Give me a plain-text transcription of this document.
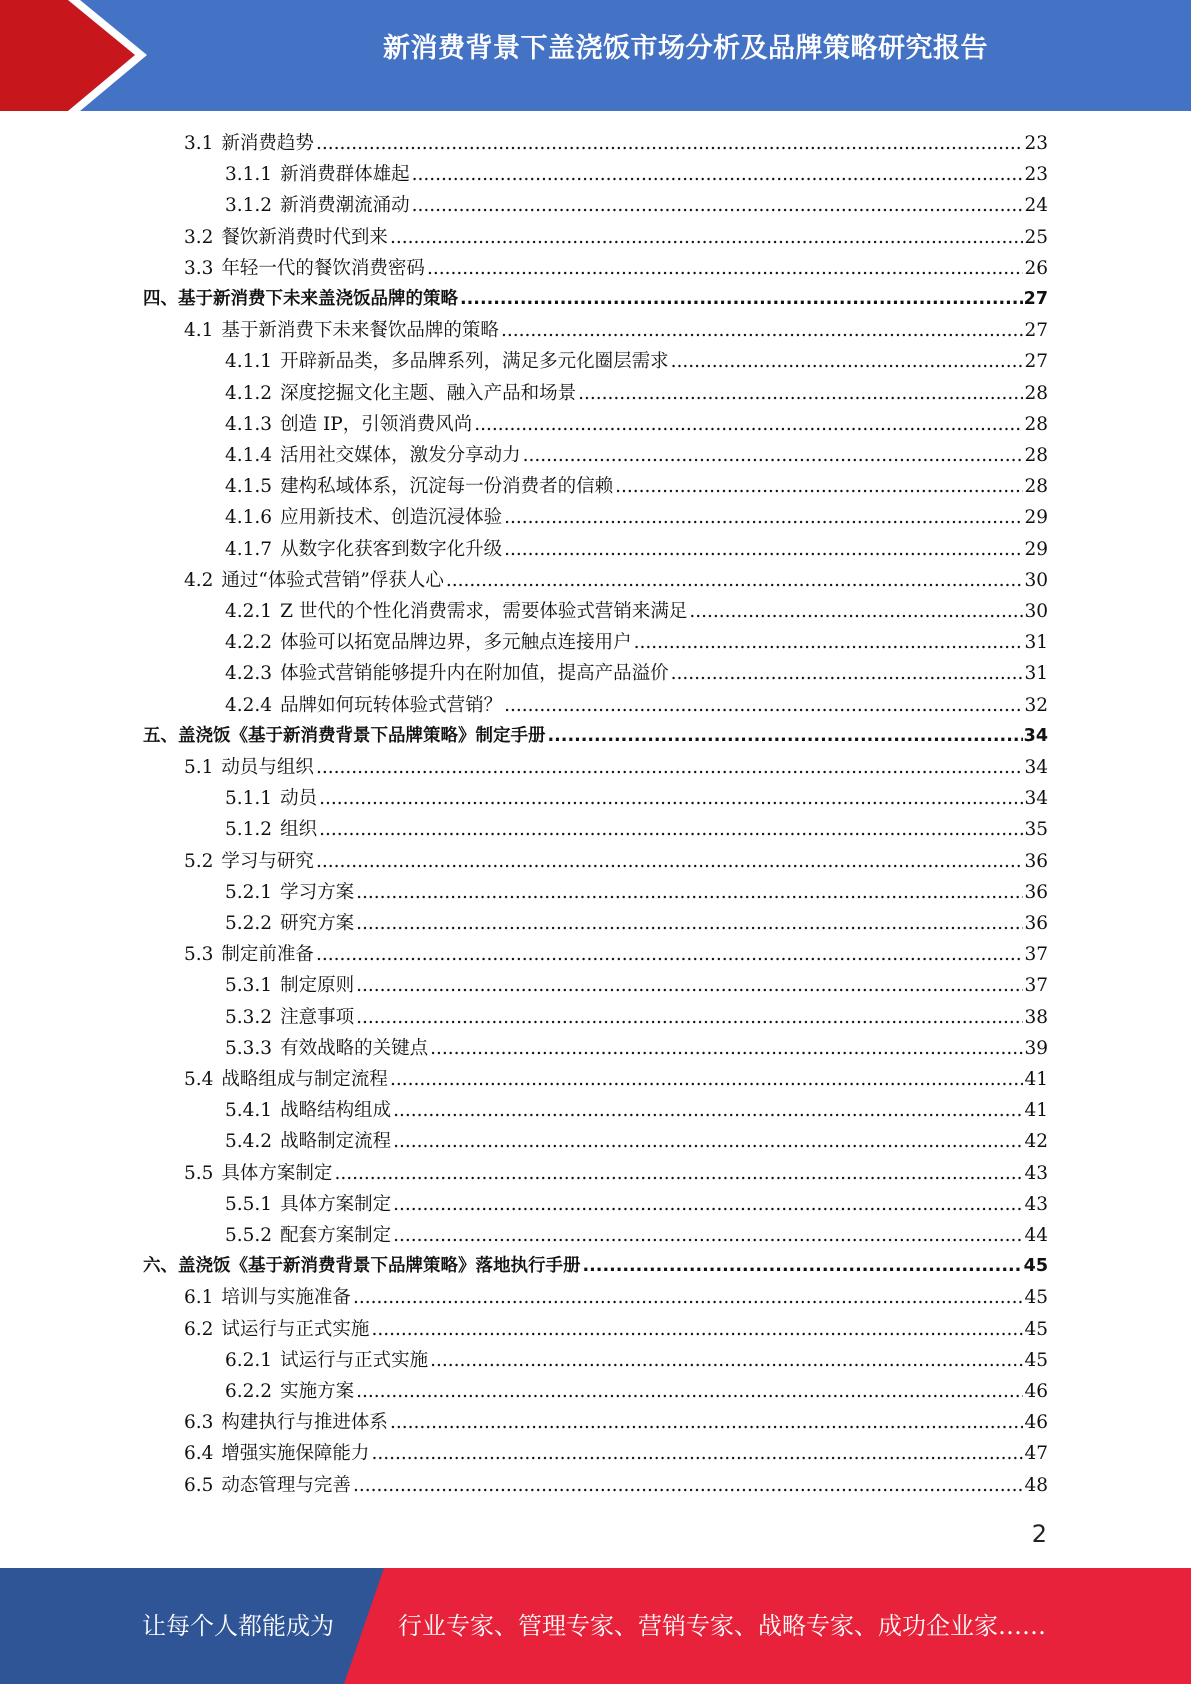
新消费背景下盖浇饭市场分析及品牌策略研究报告
3.1 新消费趋势 .....	23
3.1.1 新消费群体雄起 .....	23
3.1.2 新消费潮流涌动 .....	24
3.2 餐饮新消费时代到来 .....	25
3.3 年轻一代的餐饮消费密码 .....	26
四、基于新消费下未来盖浇饭品牌的策略 .....	27
4.1 基于新消费下未来餐饮品牌的策略 .....	27
4.1.1 开辟新品类，多品牌系列，满足多元化圈层需求 .....	27
4.1.2 深度挖掘文化主题、融入产品和场景 .....	28
4.1.3 创造 IP，引领消费风尚 .....	28
4.1.4 活用社交媒体，激发分享动力 .....	28
4.1.5 建构私域体系，沉淀每一份消费者的信赖 .....	28
4.1.6 应用新技术、创造沉浸体验 .....	29
4.1.7 从数字化获客到数字化升级 .....	29
4.2 通过“体验式营销”俘获人心 .....	30
4.2.1 Z 世代的个性化消费需求，需要体验式营销来满足 .....	30
4.2.2 体验可以拓宽品牌边界，多元触点连接用户 .....	31
4.2.3 体验式营销能够提升内在附加值，提高产品溢价 .....	31
4.2.4 品牌如何玩转体验式营销？ .....	32
五、盖浇饭《基于新消费背景下品牌策略》制定手册 .....	34
5.1 动员与组织 .....	34
5.1.1 动员 .....	34
5.1.2 组织 .....	35
5.2 学习与研究 .....	36
5.2.1 学习方案 .....	36
5.2.2 研究方案 .....	36
5.3 制定前准备 .....	37
5.3.1 制定原则 .....	37
5.3.2 注意事项 .....	38
5.3.3 有效战略的关键点 .....	39
5.4 战略组成与制定流程 .....	41
5.4.1 战略结构组成 .....	41
5.4.2 战略制定流程 .....	42
5.5 具体方案制定 .....	43
5.5.1 具体方案制定 .....	43
5.5.2 配套方案制定 .....	44
六、盖浇饭《基于新消费背景下品牌策略》落地执行手册 .....	45
6.1 培训与实施准备 .....	45
6.2 试运行与正式实施 .....	45
6.2.1 试运行与正式实施 .....	45
6.2.2 实施方案 .....	46
6.3 构建执行与推进体系 .....	46
6.4 增强实施保障能力 .....	47
6.5 动态管理与完善 .....	48
2
让每个人都能成为	行业专家、管理专家、营销专家、战略专家、成功企业家……
